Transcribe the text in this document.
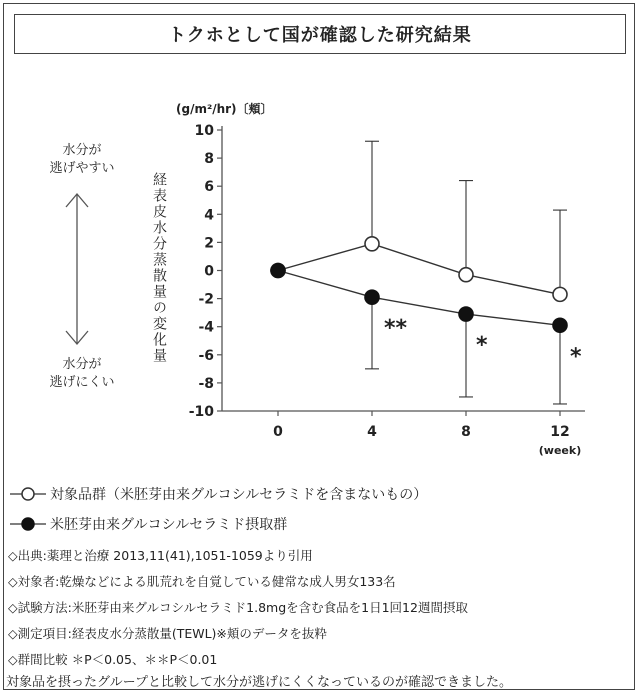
トクホとして国が確認した研究結果
水分が
逃げやすい
水分が
逃げにくい
経表皮水分蒸散量の変化量
(g/m²/hr)〔頬〕
10
8
6
4
2
0
-2
-4
-6
-8
-10
0	4	8	12
(week)
**
*	*
対象品群（米胚芽由来グルコシルセラミドを含まないもの）
米胚芽由来グルコシルセラミド摂取群
◇出典:薬理と治療 2013,11(41),1051-1059より引用
◇対象者:乾燥などによる肌荒れを自覚している健常な成人男女133名
◇試験方法:米胚芽由来グルコシルセラミド1.8mgを含む食品を1日1回12週間摂取
◇測定項目:経表皮水分蒸散量(TEWL)※頬のデータを抜粋
◇群間比較 ＊P＜0.05、＊＊P＜0.01
対象品を摂ったグループと比較して水分が逃げにくくなっているのが確認できました。
